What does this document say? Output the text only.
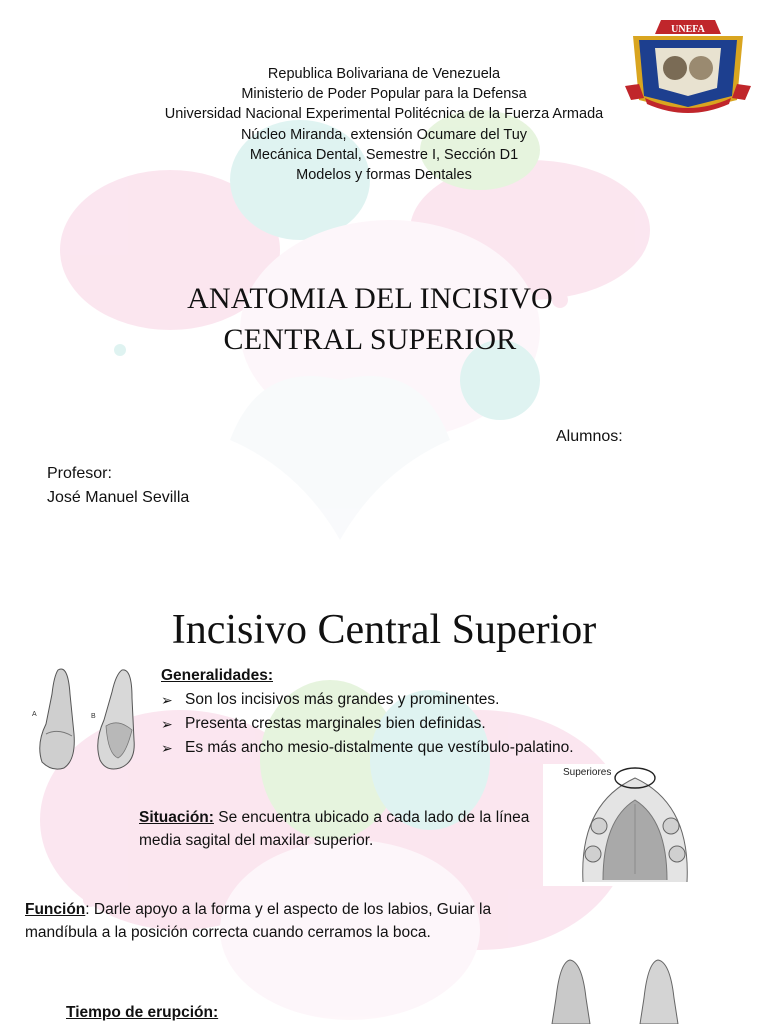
UNEFA
Republica Bolivariana de Venezuela
Ministerio de Poder Popular para la Defensa
Universidad Nacional Experimental Politécnica de la Fuerza Armada
Núcleo Miranda, extensión Ocumare del Tuy
Mecánica Dental, Semestre I, Sección D1
Modelos y formas Dentales
ANATOMIA DEL INCISIVO
CENTRAL SUPERIOR
Alumnos:
Profesor:
José Manuel Sevilla
Incisivo Central Superior
A	B
Generalidades:
➢ Son los incisivos más grandes y prominentes.
➢ Presenta crestas marginales bien definidas.
➢ Es más ancho mesio-distalmente que vestíbulo-palatino.
Superiores
Situación: Se encuentra ubicado a cada lado de la línea media sagital del maxilar superior.
Función: Darle apoyo a la forma y el aspecto de los labios, Guiar la mandíbula a la posición correcta cuando cerramos la boca.
Tiempo de erupción:
